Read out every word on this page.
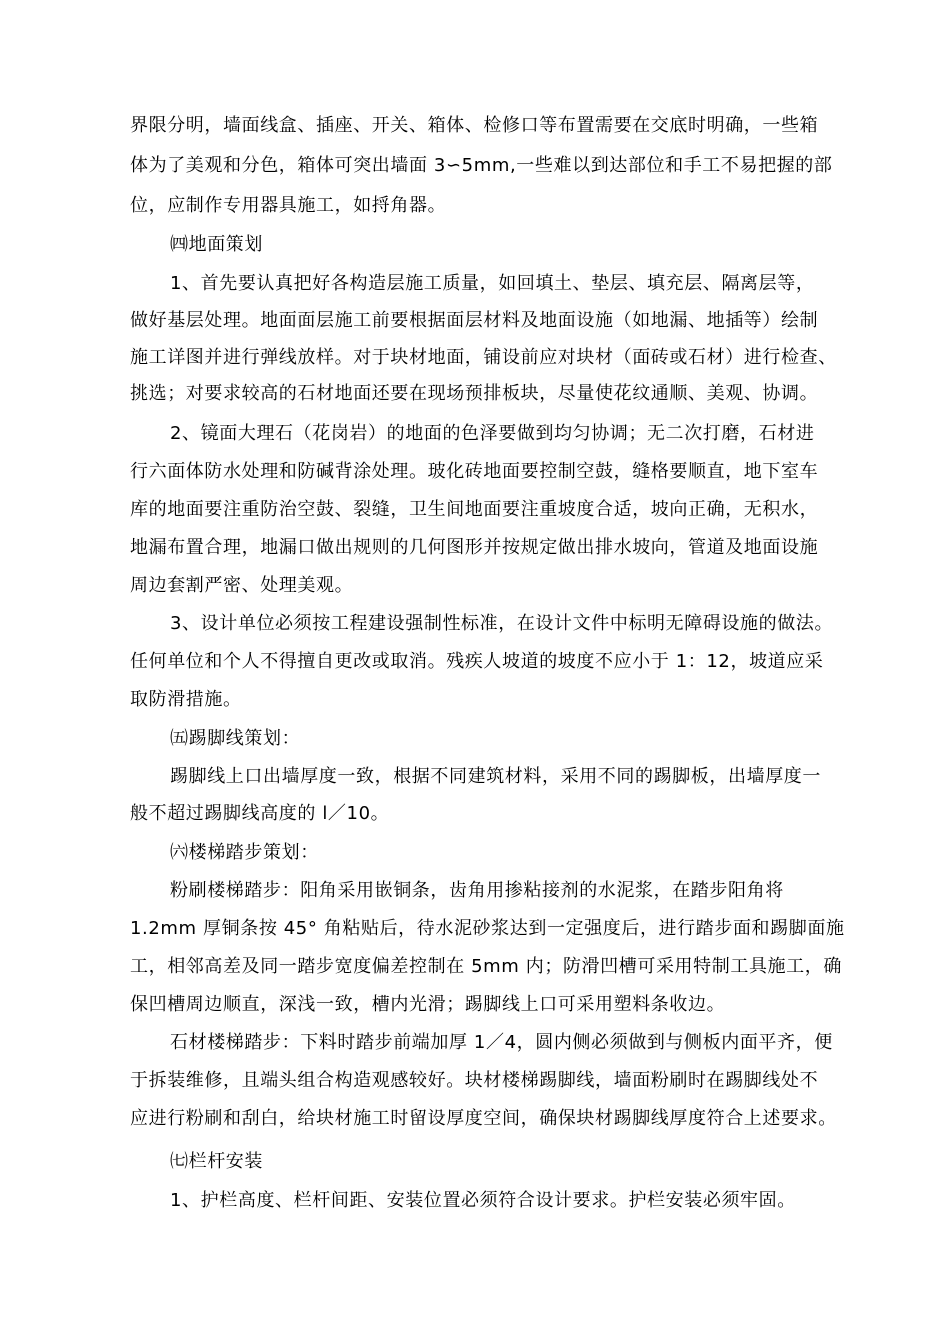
界限分明，墙面线盒、插座、开关、箱体、检修口等布置需要在交底时明确，一些箱
体为了美观和分色，箱体可突出墙面 3∽5mm,一些难以到达部位和手工不易把握的部
位，应制作专用器具施工，如捋角器。
㈣地面策划
1、首先要认真把好各构造层施工质量，如回填土、垫层、填充层、隔离层等，
做好基层处理。地面面层施工前要根据面层材料及地面设施（如地漏、地插等）绘制
施工详图并进行弹线放样。对于块材地面，铺设前应对块材（面砖或石材）进行检查、
挑选；对要求较高的石材地面还要在现场预排板块，尽量使花纹通顺、美观、协调。
2、镜面大理石（花岗岩）的地面的色泽要做到均匀协调；无二次打磨，石材进
行六面体防水处理和防碱背涂处理。玻化砖地面要控制空鼓，缝格要顺直，地下室车
库的地面要注重防治空鼓、裂缝，卫生间地面要注重坡度合适，坡向正确，无积水，
地漏布置合理，地漏口做出规则的几何图形并按规定做出排水坡向，管道及地面设施
周边套割严密、处理美观。
3、设计单位必须按工程建设强制性标准，在设计文件中标明无障碍设施的做法。
任何单位和个人不得擅自更改或取消。残疾人坡道的坡度不应小于 1：12，坡道应采
取防滑措施。
㈤踢脚线策划：
踢脚线上口出墙厚度一致，根据不同建筑材料，采用不同的踢脚板，出墙厚度一
般不超过踢脚线高度的 l／10。
㈥楼梯踏步策划：
粉刷楼梯踏步：阳角采用嵌铜条，齿角用掺粘接剂的水泥浆，在踏步阳角将
1.2mm 厚铜条按 45° 角粘贴后，待水泥砂浆达到一定强度后，进行踏步面和踢脚面施
工，相邻高差及同一踏步宽度偏差控制在 5mm 内；防滑凹槽可采用特制工具施工，确
保凹槽周边顺直，深浅一致，槽内光滑；踢脚线上口可采用塑料条收边。
石材楼梯踏步：下料时踏步前端加厚 1／4，圆内侧必须做到与侧板内面平齐，便
于拆装维修，且端头组合构造观感较好。块材楼梯踢脚线，墙面粉刷时在踢脚线处不
应进行粉刷和刮白，给块材施工时留设厚度空间，确保块材踢脚线厚度符合上述要求。
㈦栏杆安装
1、护栏高度、栏杆间距、安装位置必须符合设计要求。护栏安装必须牢固。
